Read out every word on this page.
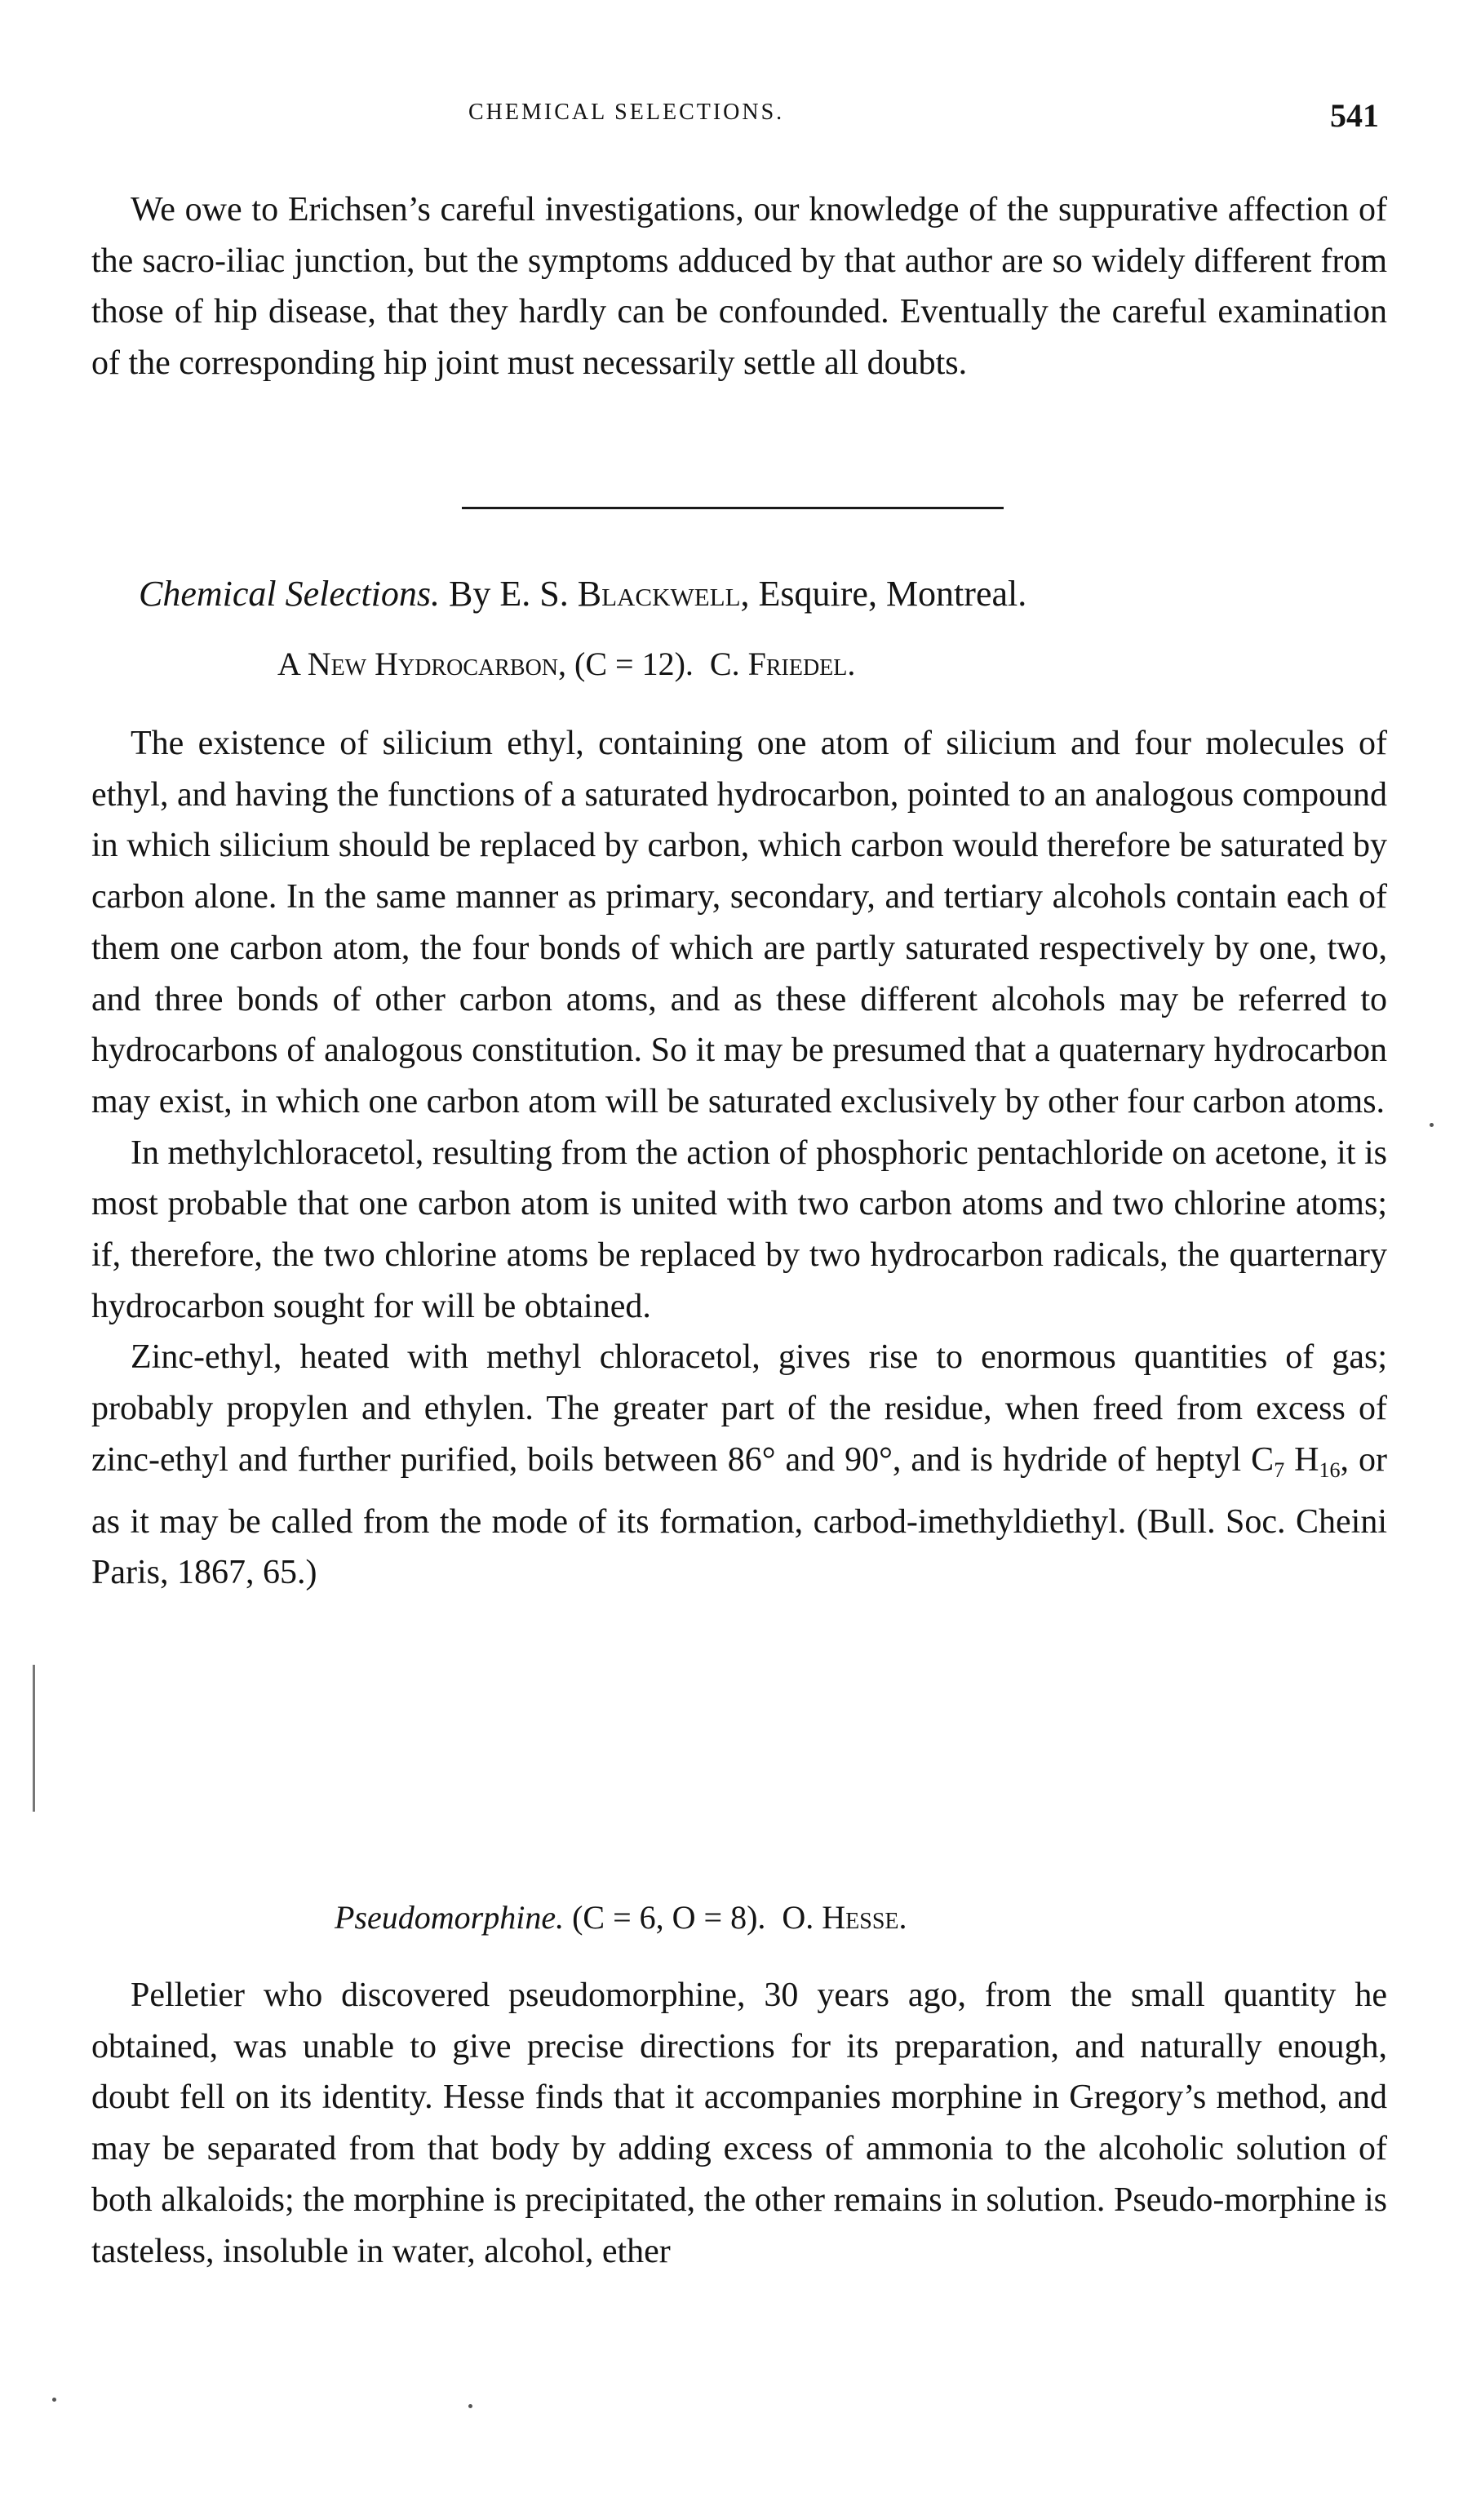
CHEMICAL SELECTIONS.	541

We owe to Erichsen’s careful investigations, our knowledge of the suppurative affection of the sacro-iliac junction, but the symptoms adduced by that author are so widely different from those of hip disease, that they hardly can be confounded. Eventually the careful examination of the corresponding hip joint must necessarily settle all doubts.

Chemical Selections. By E. S. Blackwell, Esquire, Montreal.
A New Hydrocarbon, (C = 12). C. Friedel.

The existence of silicium ethyl, containing one atom of silicium and four molecules of ethyl, and having the functions of a saturated hydrocarbon, pointed to an analogous compound in which silicium should be replaced by carbon, which carbon would therefore be saturated by carbon alone. In the same manner as primary, secondary, and tertiary alcohols contain each of them one carbon atom, the four bonds of which are partly saturated respectively by one, two, and three bonds of other carbon atoms, and as these different alcohols may be referred to hydrocarbons of analogous constitution. So it may be presumed that a quaternary hydrocarbon may exist, in which one carbon atom will be saturated exclusively by other four carbon atoms.

In methylchloracetol, resulting from the action of phosphoric pentachloride on acetone, it is most probable that one carbon atom is united with two carbon atoms and two chlorine atoms; if, therefore, the two chlorine atoms be replaced by two hydrocarbon radicals, the quarternary hydrocarbon sought for will be obtained.

Zinc-ethyl, heated with methyl chloracetol, gives rise to enormous quantities of gas; probably propylen and ethylen. The greater part of the residue, when freed from excess of zinc-ethyl and further purified, boils between 86° and 90°, and is hydride of heptyl $C_7$ $H_{16}$, or as it may be called from the mode of its formation, carbod-imethyldiethyl. (Bull. Soc. Cheini Paris, 1867, 65.)

Pseudomorphine. (C = 6, O = 8). O. Hesse.

Pelletier who discovered pseudomorphine, 30 years ago, from the small quantity he obtained, was unable to give precise directions for its preparation, and naturally enough, doubt fell on its identity. Hesse finds that it accompanies morphine in Gregory’s method, and may be separated from that body by adding excess of ammonia to the alcoholic solution of both alkaloids; the morphine is precipitated, the other remains in solution. Pseudo-morphine is tasteless, insoluble in water, alcohol, ether
